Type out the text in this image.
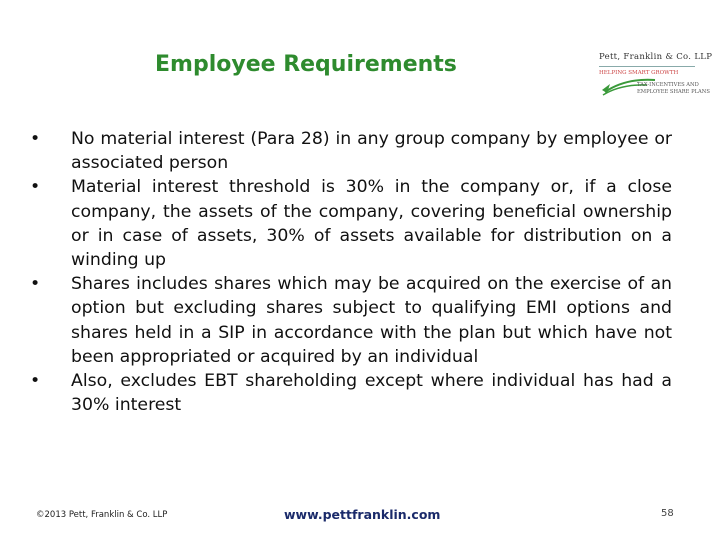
Employee Requirements	Pett, Franklin & Co. LLP
HELPING SMART GROWTH
TAX-INCENTIVES AND
EMPLOYEE SHARE PLANS
•	No material interest (Para 28) in any group company by employee or associated person
•	Material interest threshold is 30% in the company or, if a close company, the assets of the company, covering beneficial ownership or in case of assets, 30% of assets available for distribution on a winding up
•	Shares includes shares which may be acquired on the exercise of an option but excluding shares subject to qualifying EMI options and shares held in a SIP in accordance with the plan but which have not been appropriated or acquired by an individual
•	Also, excludes EBT shareholding except where individual has had a 30% interest
©2013 Pett, Franklin & Co. LLP	www.pettfranklin.com	58
